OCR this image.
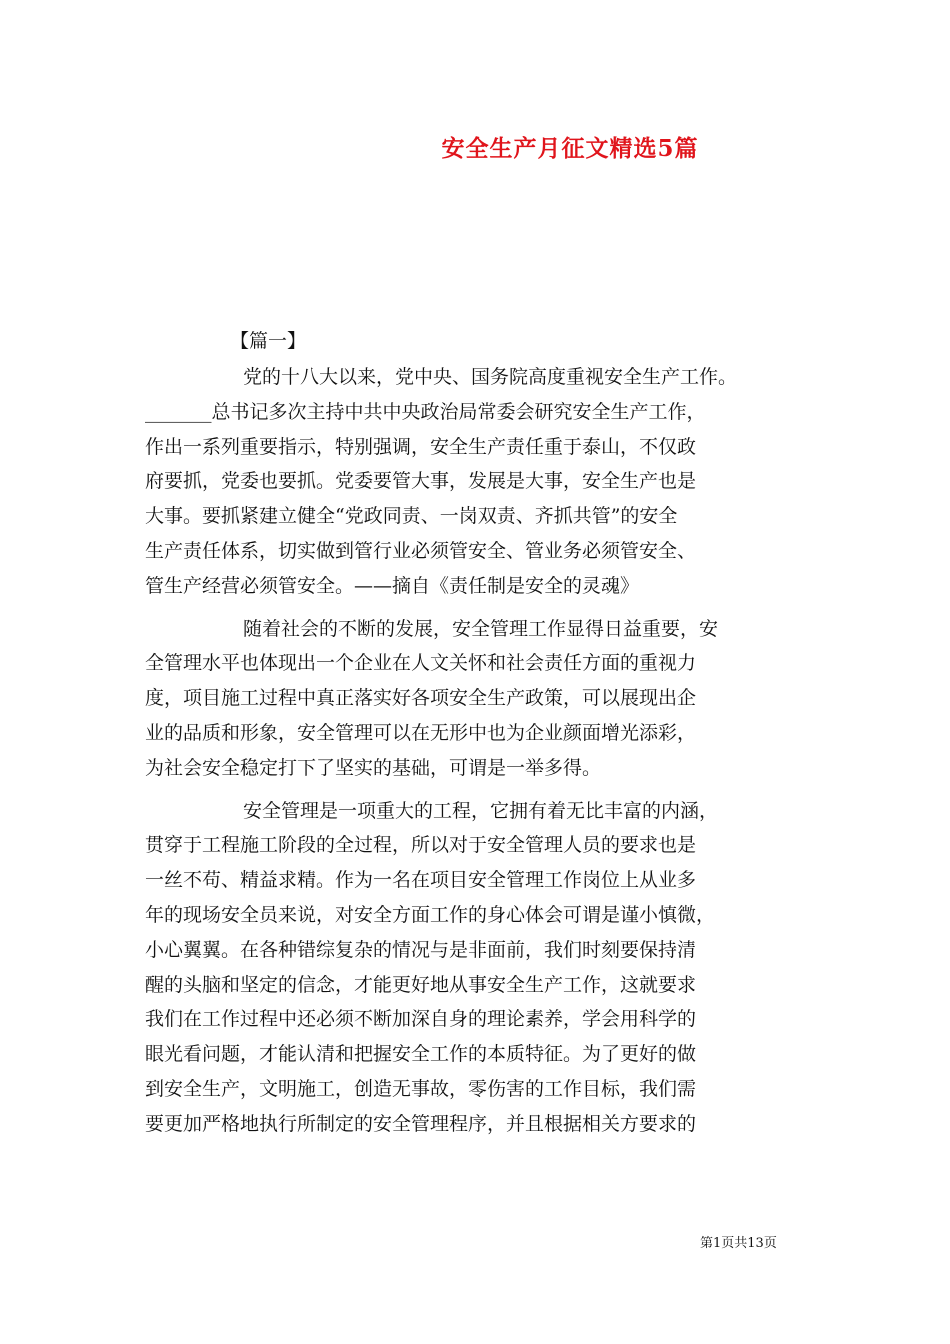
安全生产月征文精选5篇
【篇一】
党的十八大以来，党中央、国务院高度重视安全生产工作。
_______总书记多次主持中共中央政治局常委会研究安全生产工作，
作出一系列重要指示，特别强调，安全生产责任重于泰山，不仅政
府要抓，党委也要抓。党委要管大事，发展是大事，安全生产也是
大事。要抓紧建立健全“党政同责、一岗双责、齐抓共管”的安全
生产责任体系，切实做到管行业必须管安全、管业务必须管安全、
管生产经营必须管安全。——摘自《责任制是安全的灵魂》
随着社会的不断的发展，安全管理工作显得日益重要，安
全管理水平也体现出一个企业在人文关怀和社会责任方面的重视力
度，项目施工过程中真正落实好各项安全生产政策，可以展现出企
业的品质和形象，安全管理可以在无形中也为企业颜面增光添彩，
为社会安全稳定打下了坚实的基础，可谓是一举多得。
安全管理是一项重大的工程，它拥有着无比丰富的内涵，
贯穿于工程施工阶段的全过程，所以对于安全管理人员的要求也是
一丝不苟、精益求精。作为一名在项目安全管理工作岗位上从业多
年的现场安全员来说，对安全方面工作的身心体会可谓是谨小慎微，
小心翼翼。在各种错综复杂的情况与是非面前，我们时刻要保持清
醒的头脑和坚定的信念，才能更好地从事安全生产工作，这就要求
我们在工作过程中还必须不断加深自身的理论素养，学会用科学的
眼光看问题，才能认清和把握安全工作的本质特征。为了更好的做
到安全生产，文明施工，创造无事故，零伤害的工作目标，我们需
要更加严格地执行所制定的安全管理程序，并且根据相关方要求的
第1页共13页
